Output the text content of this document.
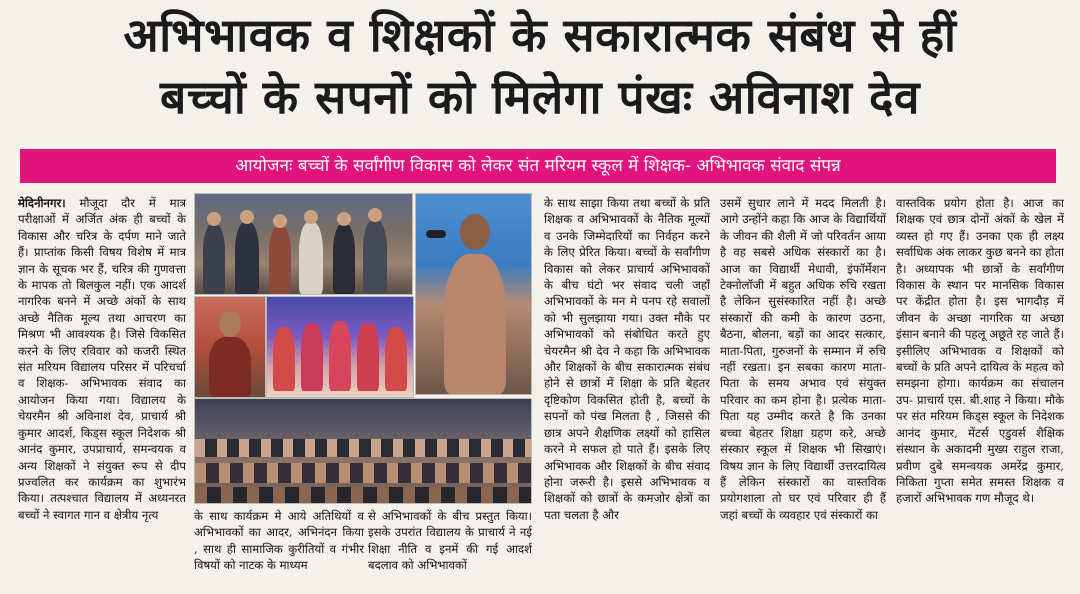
अभिभावक व शिक्षकों के सकारात्मक संबंध से हीं
बच्चों के सपनों को मिलेगा पंखः अविनाश देव
आयोजनः बच्चों के सर्वांगीण विकास को लेकर संत मरियम स्कूल में शिक्षक- अभिभावक संवाद संपन्न

मेदिनीनगर। मौजूदा दौर में मात्र परीक्षाओं में अर्जित अंक ही बच्चों के विकास और चरित्र के दर्पण माने जाते हैं। प्राप्तांक किसी विषय विशेष में मात्र ज्ञान के सूचक भर हैं, चरित्र की गुणवत्ता के मापक तो बिलकुल नहीं। एक आदर्श नागरिक बनने में अच्छे अंकों के साथ अच्छे नैतिक मूल्य तथा आचरण का मिश्रण भी आवश्यक है। जिसे विकसित करने के लिए रविवार को कजरी स्थित संत मरियम विद्यालय परिसर में परिचर्चा व शिक्षक- अभिभावक संवाद का आयोजन किया गया। विद्यालय के चेयरमैन श्री अविनाश देव, प्राचार्य श्री कुमार आदर्श, किड्स स्कूल निदेशक श्री आनंद कुमार, उपप्राचार्य, समन्वयक व अन्य शिक्षकों ने संयुक्त रूप से दीप प्रज्वलित कर कार्यक्रम का शुभारंभ किया। तत्पश्चात विद्यालय में अध्यनरत बच्चों ने स्वागत गान व क्षेत्रीय नृत्य	के साथ कार्यक्रम मे आये अतिथियों व अभिभावकों का आदर, अभिनंदन किया , साथ ही सामाजिक कुरीतियों व गंभीर विषयों को नाटक के माध्यम

से अभिभावकों के बीच प्रस्तुत किया। इसके उपरांत विद्यालय के प्राचार्य ने नई शिक्षा नीति व इनमें की गई आदर्श बदलाव को अभिभावकों

के साथ साझा किया तथा बच्चों के प्रति शिक्षक व अभिभावकों के नैतिक मूल्यों व उनके जिम्मेदारियों का निर्वहन करने के लिए प्रेरित किया। बच्चों के सर्वांगीण विकास को लेकर प्राचार्य अभिभावकों के बीच घंटो भर संवाद चली जहाँ अभिभावकों के मन मे पनप रहे सवालों को भी सुलझाया गया। उक्त मौके पर अभिभावकों को संबोधित करते हुए चेयरमैन श्री देव ने कहा कि अभिभावक और शिक्षकों के बीच सकारात्मक संबंध होने से छात्रों में शिक्षा के प्रति बेहतर दृष्टिकोण विकसित होती है, बच्चों के सपनों को पंख मिलता है , जिससे की छात्र अपने शैक्षणिक लक्ष्यों को हासिल करने मे सफल हो पाते हैं। इसके लिए अभिभावक और शिक्षकों के बीच संवाद होना जरूरी है। इससे अभिभावक व शिक्षकों को छात्रों के कमजोर क्षेत्रों का पता चलता है और

उसमें सुधार लाने में मदद मिलती है। आगे उन्होंने कहा कि आज के विद्यार्थियों के जीवन की शैली में जो परिवर्तन आया है वह सबसे अधिक संस्कारों का है। आज का विद्यार्थी मेधावी, इंफॉर्मेशन टेक्नोलॉजी में बहुत अधिक रुचि रखता है लेकिन सुसंस्कारित नहीं है। अच्छे संस्कारों की कमी के कारण उठना, बैठना, बोलना, बड़ों का आदर सत्कार, माता-पिता, गुरुजनों के सम्मान में रुचि नहीं रखता। इन सबका कारण माता-पिता के समय अभाव एवं संयुक्त परिवार का कम होना है। प्रत्येक माता- पिता यह उम्मीद करते है कि उनका बच्चा बेहतर शिक्षा ग्रहण करे, अच्छे संस्कार स्कूल में शिक्षक भी सिखाएं। विषय ज्ञान के लिए विद्यार्थी उत्तरदायित्व हैं लेकिन संस्कारों का वास्तविक प्रयोगशाला तो घर एवं परिवार ही हैं जहां बच्चों के व्यवहार एवं संस्कारों का

वास्तविक प्रयोग होता है। आज का शिक्षक एवं छात्र दोनों अंकों के खेल में व्यस्त हो गए हैं। उनका एक ही लक्ष्य सर्वाधिक अंक लाकर कुछ बनने का होता है। अध्यापक भी छात्रों के सर्वांगीण विकास के स्थान पर मानसिक विकास पर केंद्रीत होता है। इस भागदौड़ में जीवन के अच्छा नागरिक या अच्छा इंसान बनाने की पहलू अछूते रह जाते हैं। इसीलिए अभिभावक व शिक्षकों को बच्चों के प्रति अपने दायित्व के महत्व को समझना होगा। कार्यक्रम का संचालन उप- प्राचार्य एस. बी.शाह ने किया। मौके पर संत मरियम किड्स स्कूल के निदेशक आनंद कुमार, मेंटर्स एडुवर्स शैक्षिक संस्थान के अकादमी मुख्य राहुल राजा, प्रवीण दुबे समन्वयक अमरेंद्र कुमार, निकिता गुप्ता समेत समस्त शिक्षक व हजारों अभिभावक गण मौजूद थे।
